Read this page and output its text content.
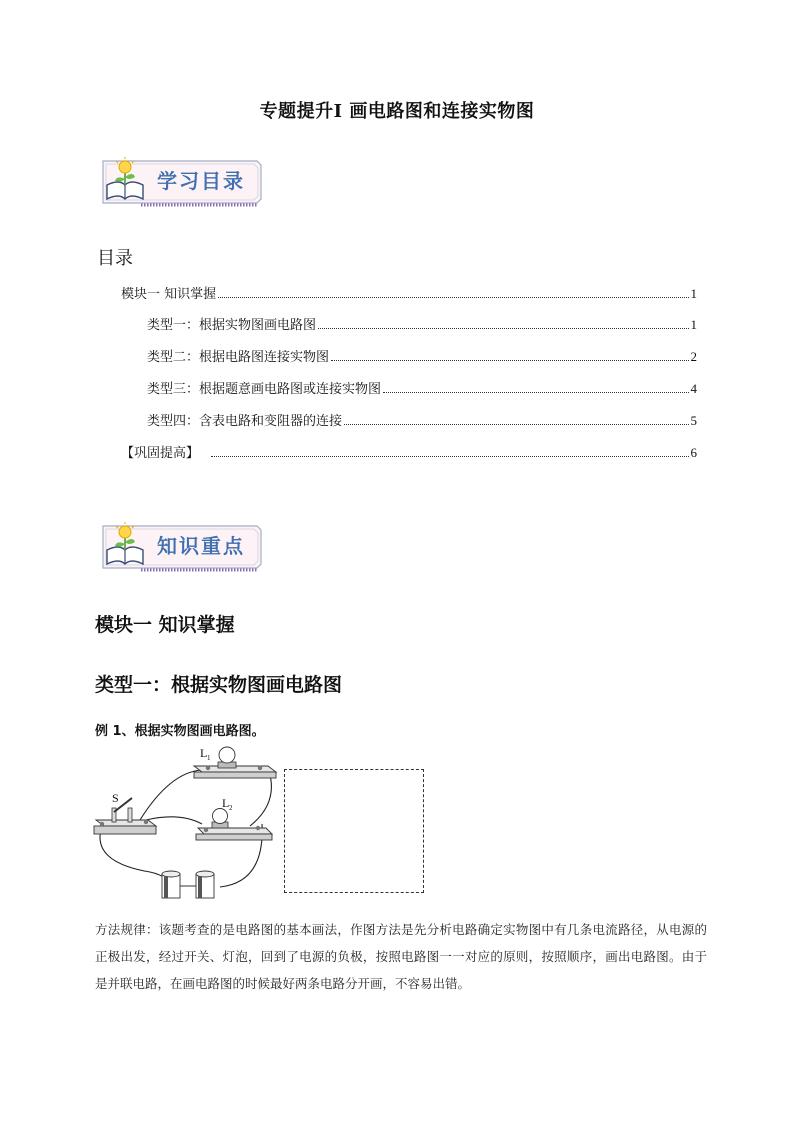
专题提升Ⅰ 画电路图和连接实物图
学习目录
目录
模块一 知识掌握	1
类型一：根据实物图画电路图	1
类型二：根据电路图连接实物图	2
类型三：根据题意画电路图或连接实物图	4
类型四：含表电路和变阻器的连接	5
【巩固提高】	6
知识重点
模块一 知识掌握
类型一：根据实物图画电路图
例 1、根据实物图画电路图。
L 1
L 2
S
方法规律：该题考查的是电路图的基本画法，作图方法是先分析电路确定实物图中有几条电流路径，从电源的正极出发，经过开关、灯泡，回到了电源的负极，按照电路图一一对应的原则，按照顺序，画出电路图。由于是并联电路，在画电路图的时候最好两条电路分开画，不容易出错。
